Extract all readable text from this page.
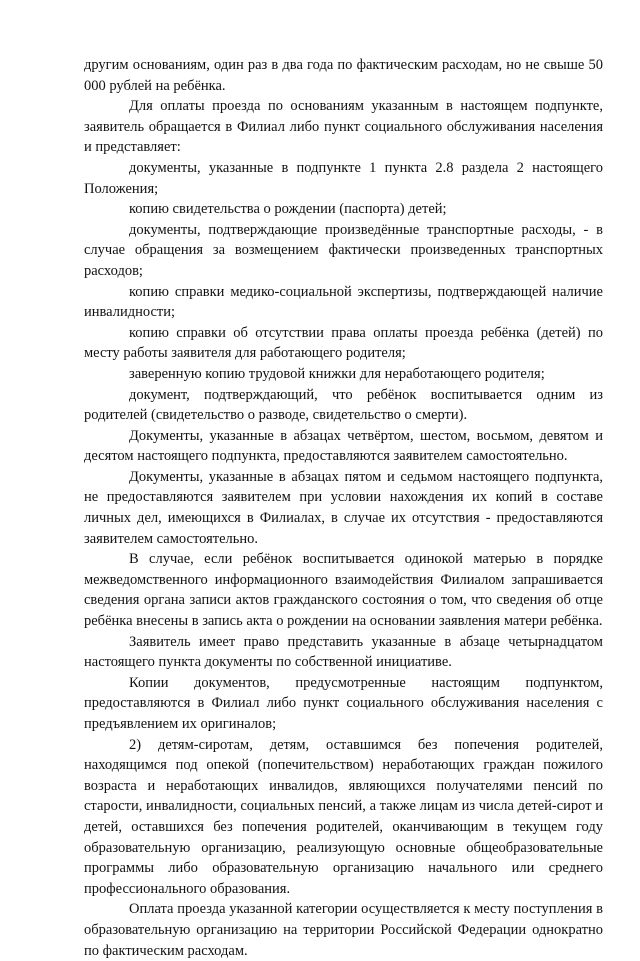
другим основаниям, один раз в два года по фактическим расходам, но не свыше 50 000 рублей на ребёнка.

Для оплаты проезда по основаниям указанным в настоящем подпункте, заявитель обращается в Филиал либо пункт социального обслуживания населения и представляет:

документы, указанные в подпункте 1 пункта 2.8 раздела 2 настоящего Положения;

копию свидетельства о рождении (паспорта) детей;

документы, подтверждающие произведённые транспортные расходы, - в случае обращения за возмещением фактически произведенных транспортных расходов;

копию справки медико-социальной экспертизы, подтверждающей наличие инвалидности;

копию справки об отсутствии права оплаты проезда ребёнка (детей) по месту работы заявителя для работающего родителя;

заверенную копию трудовой книжки для неработающего родителя;

документ, подтверждающий, что ребёнок воспитывается одним из родителей (свидетельство о разводе, свидетельство о смерти).

Документы, указанные в абзацах четвёртом, шестом, восьмом, девятом и десятом настоящего подпункта, предоставляются заявителем самостоятельно.

Документы, указанные в абзацах пятом и седьмом настоящего подпункта, не предоставляются заявителем при условии нахождения их копий в составе личных дел, имеющихся в Филиалах, в случае их отсутствия - предоставляются заявителем самостоятельно.

В случае, если ребёнок воспитывается одинокой матерью в порядке межведомственного информационного взаимодействия Филиалом запрашивается сведения органа записи актов гражданского состояния о том, что сведения об отце ребёнка внесены в запись акта о рождении на основании заявления матери ребёнка.

Заявитель имеет право представить указанные в абзаце четырнадцатом настоящего пункта документы по собственной инициативе.

Копии документов, предусмотренные настоящим подпунктом, предоставляются в Филиал либо пункт социального обслуживания населения с предъявлением их оригиналов;

2) детям-сиротам, детям, оставшимся без попечения родителей, находящимся под опекой (попечительством) неработающих граждан пожилого возраста и неработающих инвалидов, являющихся получателями пенсий по старости, инвалидности, социальных пенсий, а также лицам из числа детей-сирот и детей, оставшихся без попечения родителей, оканчивающим в текущем году образовательную организацию, реализующую основные общеобразовательные программы либо образовательную организацию начального или среднего профессионального образования.

Оплата проезда указанной категории осуществляется к месту поступления в образовательную организацию на территории Российской Федерации однократно по фактическим расходам.
